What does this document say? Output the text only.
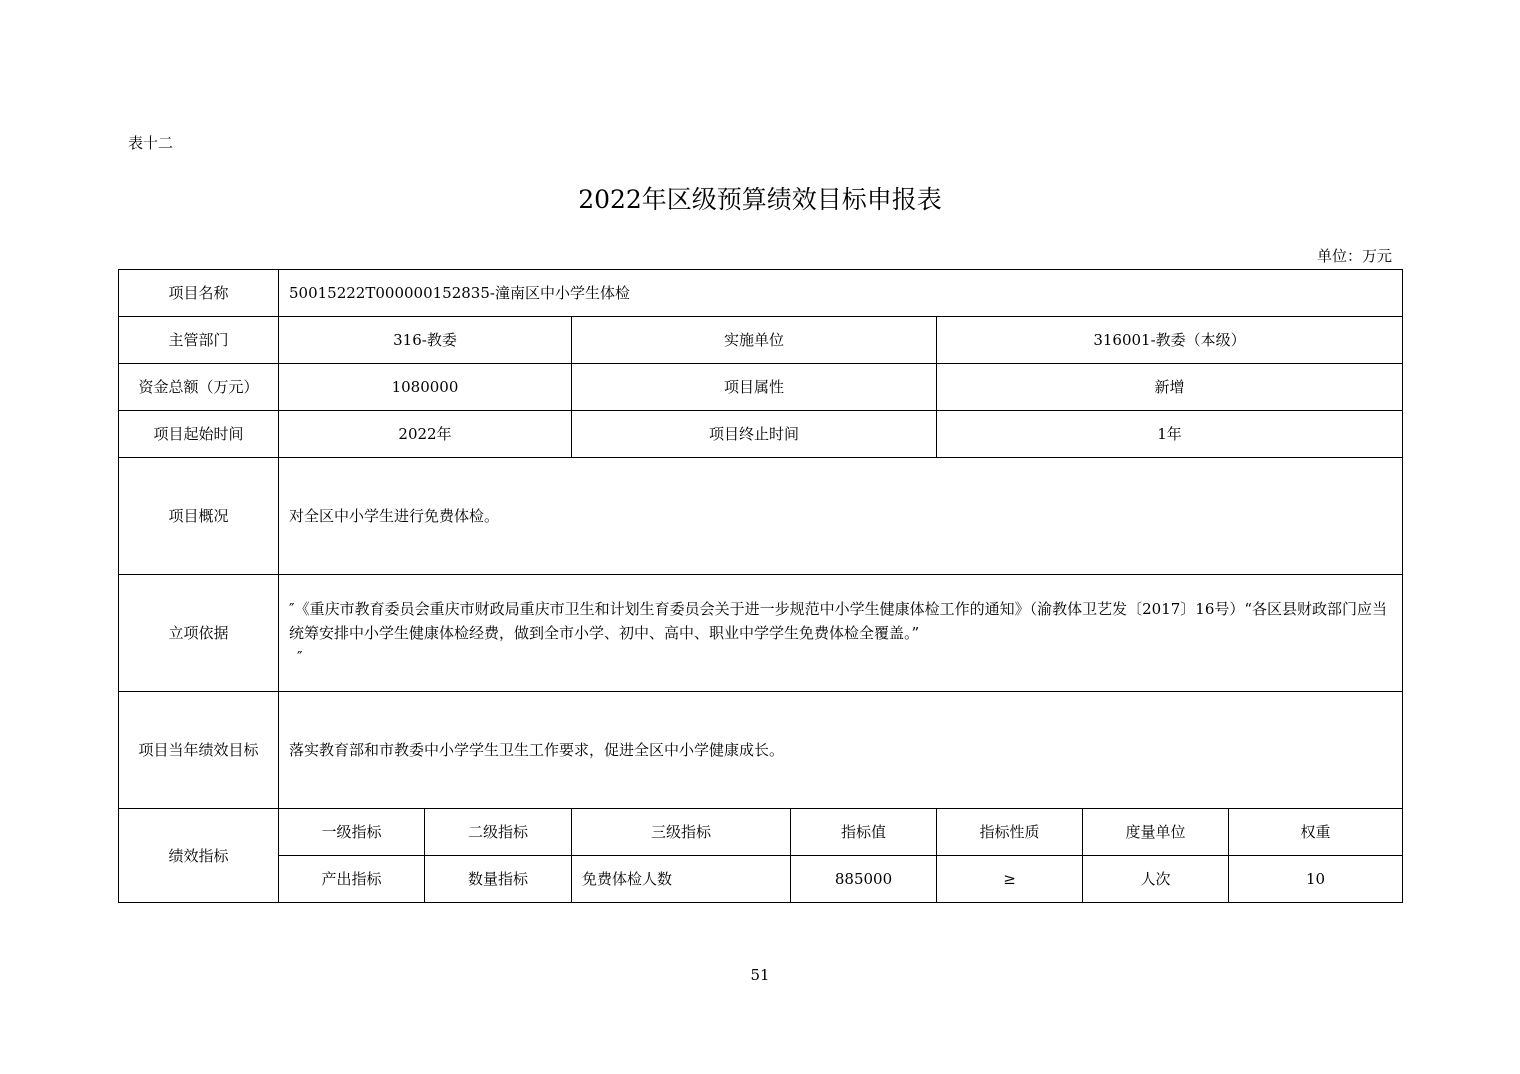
表十二
2022年区级预算绩效目标申报表
单位：万元
项目名称	50015222T000000152835-潼南区中小学生体检						
主管部门	316-教委		实施单位		316001-教委（本级）		
资金总额（万元）	1080000		项目属性		新增		
项目起始时间	2022年		项目终止时间		1年		
项目概况	对全区中小学生进行免费体检。						
立项依据	″《重庆市教育委员会重庆市财政局重庆市卫生和计划生育委员会关于进一步规范中小学生健康体检工作的通知》（渝教体卫艺发〔2017〕16号）“各区县财政部门应当统筹安排中小学生健康体检经费，做到全市小学、初中、高中、职业中学学生免费体检全覆盖。”
″						

项目当年绩效目标	落实教育部和市教委中小学学生卫生工作要求，促进全区中小学健康成长。						
绩效指标	一级指标	二级指标	三级指标	指标值	指标性质	度量单位	权重
	产出指标	数量指标	免费体检人数	885000	≥	人次	10
51
